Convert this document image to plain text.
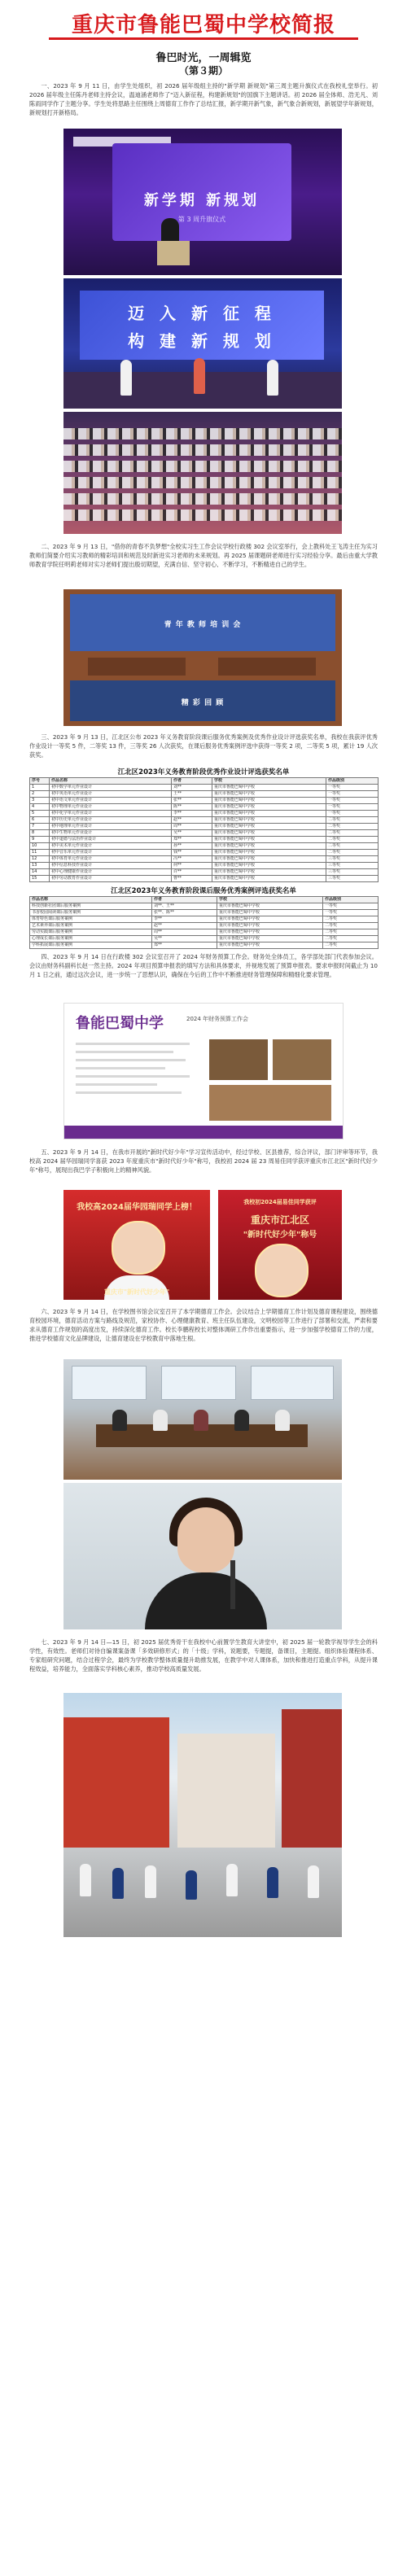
重庆市鲁能巴蜀中学校简报
鲁巴时光，一周辑览
（第３期）
一、2023 年 9 月 11 日，由学生处组织，初 2026 届年级组主持的"新学期 新规划"第三周主题升旗仪式在我校礼堂举行。初 2026 届年级主任陈丹老师主持会议，温迪涵老师作了"迈入新征程，构建新规划"的国旗下主题讲话。初 2026 届全体师、浩无凡、刘陈雨同学作了主题分享。学生处将思路主任围绕上周德育工作作了总结汇报，新学期开新气象，新气象合新规划，新展望学年新规划，新规划打开新格局。
新学期 新规划
第 3 周升旗仪式
迈 入 新 征 程
构 建 新 规 划
二、2023 年 9 月 13 日，"借你的青春不负梦想"全校实习生工作会议学校行政楼 302 会议室举行，会上教科处王飞涛主任为实习教师们简要介绍实习教师的精彩培训和规范及时新进实习老师的未来规划。再 2025 届课题研老师进行实习经验分享。最后由重大学教师教育学院任明莉老师对实习老师们提出殷切期望，充满自信、坚守初心、不断学习，不断精进自己的学生。
青 年 教 师 培 训 会
精 彩 回 顾
三、2023 年 9 月 13 日，江北区公布 2023 年义务教育阶段课后服务优秀案例及优秀作业设计评选获奖名单，我校在我获评优秀作业设计一等奖 5 件，二等奖 13 件，三等奖 26 人次获奖，在课后服务优秀案例评选中获得一等奖 2 项，二等奖 5 项，累计 19 人次获奖。
江北区2023年义务教育阶段优秀作业设计评选获奖名单
序号	作品名称	作者	学校	作品级别
1	初中数学单元作业设计	刘**	重庆市鲁能巴蜀中学校	一等奖
2	初中英语单元作业设计	王**	重庆市鲁能巴蜀中学校	一等奖
3	初中语文单元作业设计	张**	重庆市鲁能巴蜀中学校	一等奖
4	初中物理单元作业设计	陈**	重庆市鲁能巴蜀中学校	一等奖
5	初中化学单元作业设计	李**	重庆市鲁能巴蜀中学校	一等奖
6	初中历史单元作业设计	赵**	重庆市鲁能巴蜀中学校	二等奖
7	初中地理单元作业设计	周**	重庆市鲁能巴蜀中学校	二等奖
8	初中生物单元作业设计	吴**	重庆市鲁能巴蜀中学校	二等奖
9	初中道德与法治作业设计	郑**	重庆市鲁能巴蜀中学校	二等奖
10	初中美术单元作业设计	孙**	重庆市鲁能巴蜀中学校	二等奖
11	初中音乐单元作业设计	钱**	重庆市鲁能巴蜀中学校	二等奖
12	初中体育单元作业设计	冯**	重庆市鲁能巴蜀中学校	三等奖
13	初中信息科技作业设计	何**	重庆市鲁能巴蜀中学校	三等奖
14	初中心理健康作业设计	许**	重庆市鲁能巴蜀中学校	三等奖
15	初中劳动教育作业设计	曹**	重庆市鲁能巴蜀中学校	三等奖
江北区2023年义务教育阶段课后服务优秀案例评选获奖名单
作品名称	作者	学校	作品级别
科技创新社团课后服务案例	刘**、王**	重庆市鲁能巴蜀中学校	一等奖
书香校园阅读课后服务案例	张**、陈**	重庆市鲁能巴蜀中学校	一等奖
体育特色课后服务案例	李**	重庆市鲁能巴蜀中学校	二等奖
艺术素养课后服务案例	赵**	重庆市鲁能巴蜀中学校	二等奖
劳动实践课后服务案例	周**	重庆市鲁能巴蜀中学校	二等奖
心理成长课后服务案例	吴**	重庆市鲁能巴蜀中学校	二等奖
学科拓展课后服务案例	郑**	重庆市鲁能巴蜀中学校	二等奖
四、2023 年 9 月 14 日在行政楼 302 会议室召开了 2024 年财务预算工作会。财务处全体员工，各学部处部门代表参加会议。会议由财务科副科长赵一然主持。2024 年项目预算申报表的填写方法和具体要求，并视地发展了预算申报表。要求申报时间截止为 10 月 1 日之前，通过这次会议，进一步统一了思想认识，确保在今后的工作中不断推进财务管理保障和精细化要求管理。
鲁能巴蜀中学	2024 年财务预算工作会
五、2023 年 9 月 14 日，在我市开展的"新时代好少年"学习宣传活动中，经过学校、区县推荐，综合评议，部门评审等环节，我校高 2024 届华园瑞同学喜获 2023 年度重庆市"新时代好少年"称号，我校初 2024 届 23 周易佳同学获评重庆市江北区"新时代好少年"称号，展现出我巴学子积极向上的精神风貌。
我校高2024届华园瑞同学上榜！
重庆市"新时代好少年"
我校初2024届易佳同学获评
重庆市江北区
"新时代好少年"称号
六、2023 年 9 月 14 日，在学校图书馆会议室召开了本学期德育工作会。会议结合上学期德育工作计划及德育课程建设，围绕德育校园环境，德育活动方案与路线及规范，家校协作、心理健康教育、班主任队伍建设，文明校园等工作进行了部署和交流，严肃和要求从德育工作规划的高度出发，持续深化德育工作。校长李鹏程校长对整体调研工作作出重要指示，进一步加强学校德育工作的力度，推进学校德育文化品牌建设，让德育建设在学校教育中落地生根。
七、2023 年 9 月 14 日—15 日，初 2025 届优秀骨干在我校中心前置学生教育大讲堂中，初 2025 届一轮教学视导学生会的科学性，有效性。老师们对待自编课案备课「多效研修形式」的「十级」学科，说题要，专题提，备课目，主题提。组织体验课程体系、专家组研究问题，结合过程学会，最终为学校教学整体质量提升助推发展，在教学中对人课体系，加快和推进打造重点学科，从提升课程效益，培养能力，全面落实学科核心素养，推动学校高质量发展。
